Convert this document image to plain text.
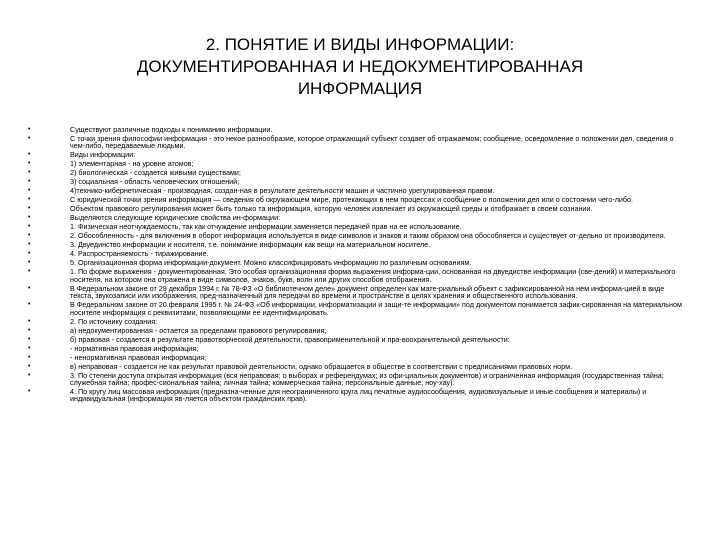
2. ПОНЯТИЕ И ВИДЫ ИНФОРМАЦИИ:
ДОКУМЕНТИРОВАННАЯ И НЕДОКУМЕНТИРОВАННАЯ
ИНФОРМАЦИЯ
• Существуют различные подходы к пониманию информации.
• С точки зрения философии информация - это некое разнообразие, которое отражающий субъект создает об отражаемом; сообщение, осведомление о положении дел, сведения о чем-либо, передаваемые людьми.
• Виды информации:
• 1) элементарная - на уровне атомов;
• 2) биологическая - создается живыми существами;
• 3) социальная - область человеческих отношений;
• 4)технико-кибернетическая - производная, создан-ная в результате деятельности машин и частично урегулированная правом.
• С юридической точки зрения информация — сведения об окружающем мире, протекающих в нем процессах и сообщение о положении дел или о состоянии чего-либо.
• Объектом правового регулирования может быть только та информация, которую человек извлекает из окружающей среды и отображает в своем сознании.
• Выделяются следующие юридические свойства ин-формации:
• 1. Физическая неотчуждаемость, так как отчуждение информации заменяется передачей прав на ее использование.
• 2. Обособленность - для включения в оборот информация используется в виде символов и знаков и таким образом она обособляется и существует от-дельно от производителя.
• 3. Двуединство информации и носителя, т.е. понимание информации как вещи на материальном носителе.
• 4. Распространяемость - тиражирование.
• 5. Организационная форма информации-документ. Можно классифицировать информацию по различным основаниям.
• 1. По форме выражения - документированная. Это особая организационная форма выражения информа-ции, основанная на двуедистве информации (све-дений) и материального носителя, на котором она отражена в виде символов, знаков, букв, волн или других способов отображения.
• В Федеральном законе от 29 декабря 1994 г. № 78-ФЗ «О библиотечном деле» документ определен как мате-риальный объект с зафиксированной на нем информа-цией в виде текста, звукозаписи или изображения, пред-назначенный для передачи во времени и пространстве в целях хранения и общественного использования.
• В Федеральном законе от 20 февраля 1995 г. № 24-ФЗ «Об информации, информатизации и защи-те информации» под документом понимается зафик-сированная на материальном носителе информация с реквизитами, позволяющими ее идентифицировать.
• 2. По источнику создания:
• а) недокументированная - остается за пределами правового регулирования;
• б) правовая - создается в результате правотворческой деятельности, правоприменительной и пра-воохранительной деятельности:
• - нормативная правовая информация;
• - ненормативная правовая информация;
• в) неправовая - создается не как результат правовой деятельности, однако обращается в обществе в соответствии с предписаниями правовых норм.
• 3. По степени доступа открытая информация (вся неправовая; о выборах и референдумах; из офи-циальных документов) и ограниченная информация (государственная тайна; служебная тайна; профес-сиональная тайна; личная тайна; коммерческая тайна; персональные данные; ноу-хау).
• 4. По кругу лиц массовая информация (предназна-ченные для неограниченного круга лиц печатные аудиосообщения, аудиовизуальные и иные сообщения и материалы) и индивидуальная (информация яв-ляется объектом гражданских прав).
